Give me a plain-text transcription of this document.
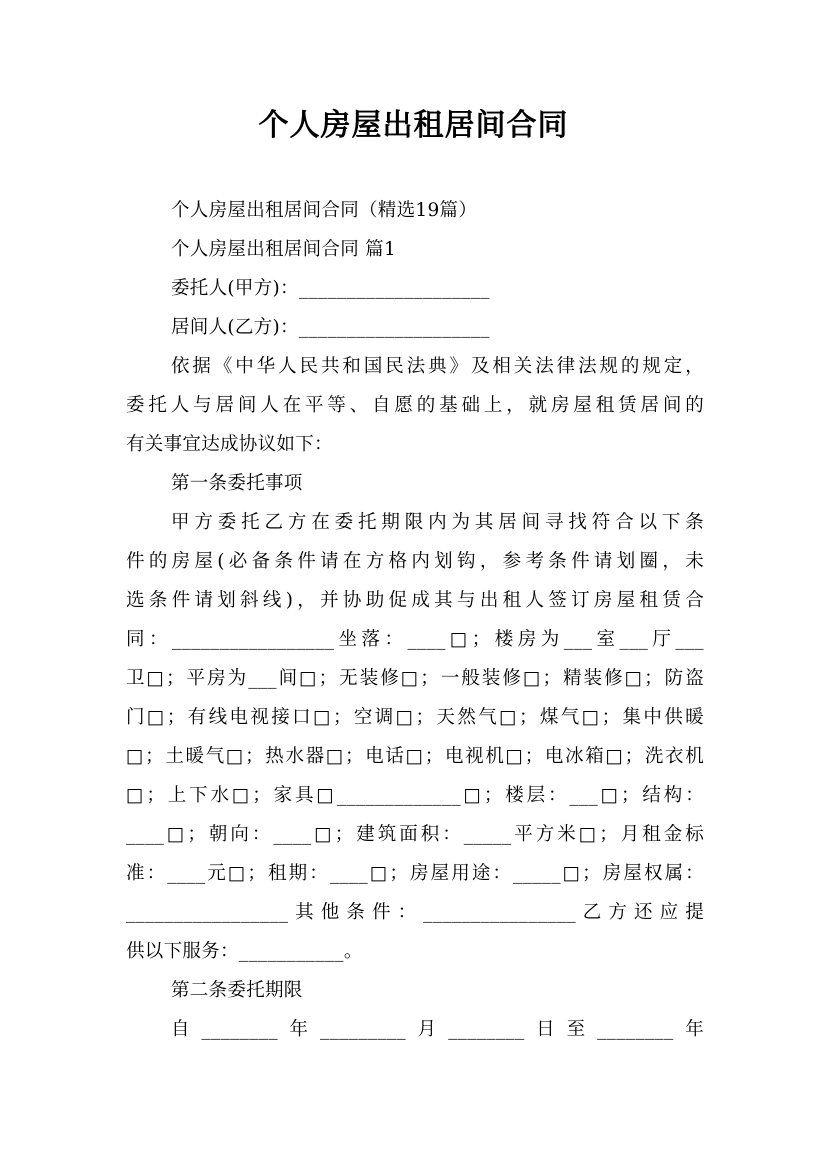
个人房屋出租居间合同
个人房屋出租居间合同（精选19篇）
个人房屋出租居间合同 篇1
委托人(甲方)：____________________
居间人(乙方)：____________________
依据《中华人民共和国民法典》及相关法律法规的规定，
委托人与居间人在平等、自愿的基础上，就房屋租赁居间的
有关事宜达成协议如下：
第一条委托事项
甲方委托乙方在委托期限内为其居间寻找符合以下条
件的房屋(必备条件请在方格内划钩，参考条件请划圈，未
选条件请划斜线)，并协助促成其与出租人签订房屋租赁合
同：_________________坐落：____□；楼房为___室___厅___
卫□；平房为___间□；无装修□；一般装修□；精装修□；防盗
门□；有线电视接口□；空调□；天然气□；煤气□；集中供暖
□；土暖气□；热水器□；电话□；电视机□；电冰箱□；洗衣机
□；上下水□；家具□_____________□；楼层：___□；结构：
____□；朝向：____□；建筑面积：_____平方米□；月租金标
准：____元□；租期：____□；房屋用途：_____□；房屋权属：
_________________其他条件：________________乙方还应提
供以下服务：___________。
第二条委托期限
自________年_________月________日至________年
